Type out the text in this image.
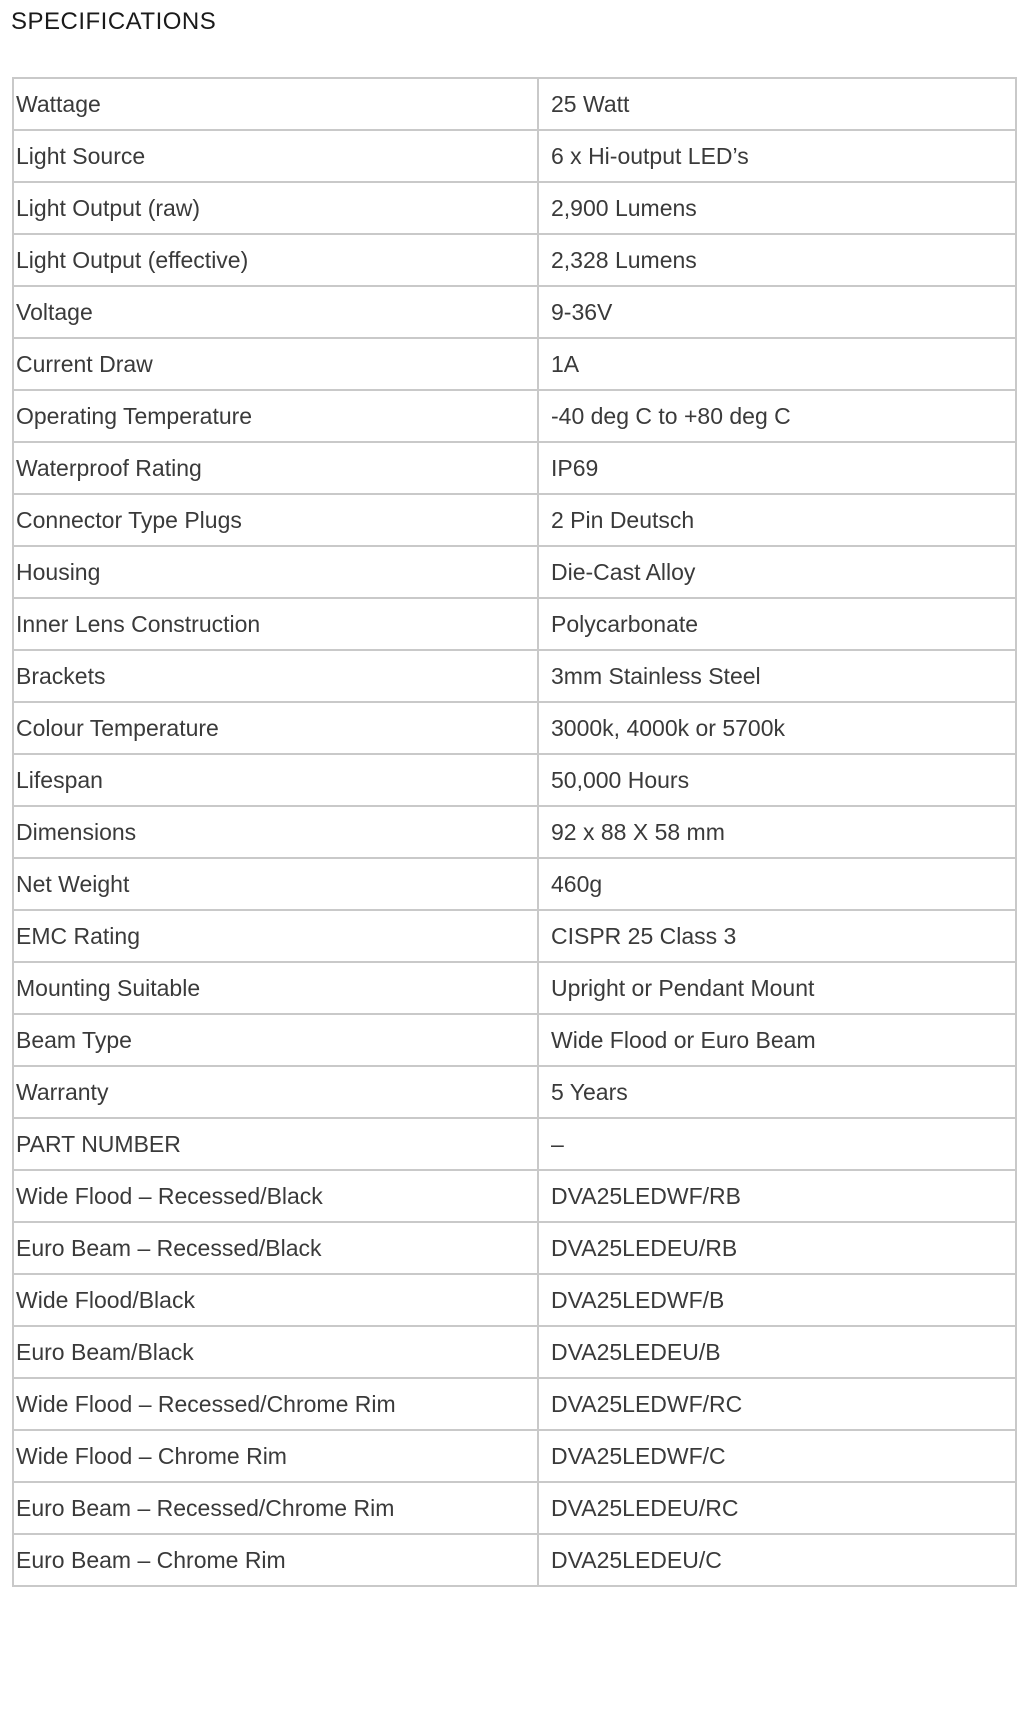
SPECIFICATIONS
Wattage	25 Watt
Light Source	6 x Hi-output LED’s
Light Output (raw)	2,900 Lumens
Light Output (effective)	2,328 Lumens
Voltage	9-36V
Current Draw	1A
Operating Temperature	-40 deg C to +80 deg C
Waterproof Rating	IP69
Connector Type Plugs	2 Pin Deutsch
Housing	Die-Cast Alloy
Inner Lens Construction	Polycarbonate
Brackets	3mm Stainless Steel
Colour Temperature	3000k, 4000k or 5700k
Lifespan	50,000 Hours
Dimensions	92 x 88 X 58 mm
Net Weight	460g
EMC Rating	CISPR 25 Class 3
Mounting Suitable	Upright or Pendant Mount
Beam Type	Wide Flood or Euro Beam
Warranty	5 Years
PART NUMBER	–
Wide Flood – Recessed/Black	DVA25LEDWF/RB
Euro Beam – Recessed/Black	DVA25LEDEU/RB
Wide Flood/Black	DVA25LEDWF/B
Euro Beam/Black	DVA25LEDEU/B
Wide Flood – Recessed/Chrome Rim	DVA25LEDWF/RC
Wide Flood – Chrome Rim	DVA25LEDWF/C
Euro Beam – Recessed/Chrome Rim	DVA25LEDEU/RC
Euro Beam – Chrome Rim	DVA25LEDEU/C
